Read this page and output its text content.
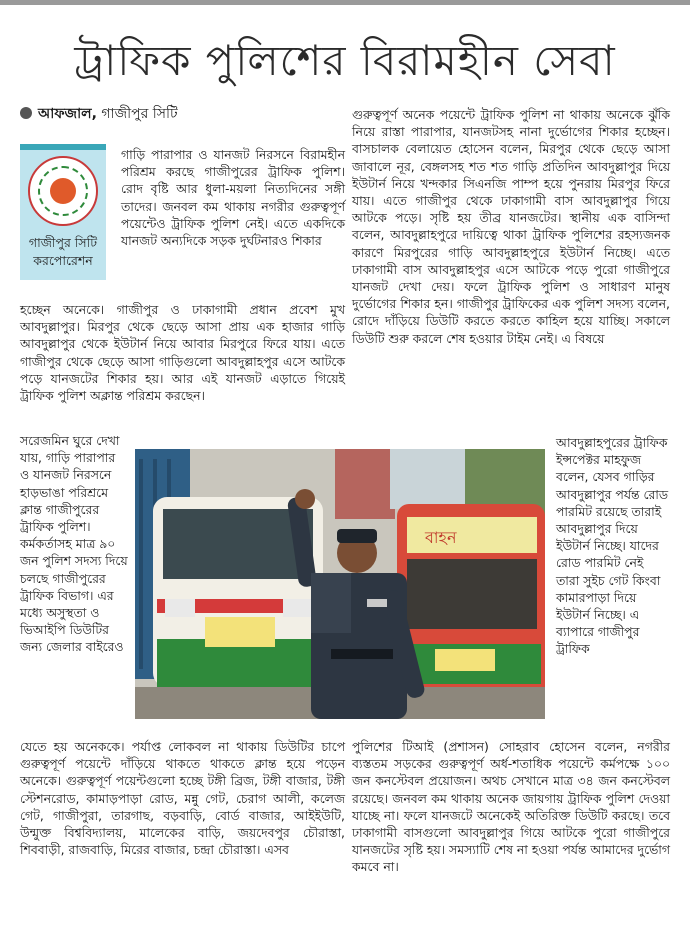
ট্রাফিক পুলিশের বিরামহীন সেবা
আফজাল, গাজীপুর সিটি
গাজীপুর সিটি করপোরেশন

গাড়ি পারাপার ও যানজট নিরসনে বিরামহীন পরিশ্রম করছে গাজীপুরের ট্রাফিক পুলিশ। রোদ বৃষ্টি আর ধুলা-ময়লা নিত্যদিনের সঙ্গী তাদের। জনবল কম থাকায় নগরীর গুরুত্বপূর্ণ পয়েন্টেও ট্রাফিক পুলিশ নেই। এতে একদিকে যানজট অন্যদিকে সড়ক দুর্ঘটনারও শিকার

হচ্ছেন অনেকে। গাজীপুর ও ঢাকাগামী প্রধান প্রবেশ মুখ আবদুল্লাপুর। মিরপুর থেকে ছেড়ে আসা প্রায় এক হাজার গাড়ি আবদুল্লাপুর থেকে ইউটার্ন নিয়ে আবার মিরপুরে ফিরে যায়। এতে গাজীপুর থেকে ছেড়ে আসা গাড়িগুলো আবদুল্লাহপুর এসে আটকে পড়ে যানজটের শিকার হয়। আর এই যানজট এড়াতে গিয়েই ট্রাফিক পুলিশ অক্লান্ত পরিশ্রম করছেন।

সরেজমিন ঘুরে দেখা যায়, গাড়ি পারাপার ও যানজট নিরসনে হাড়ভাঙা পরিশ্রমে ক্লান্ত গাজীপুরের ট্রাফিক পুলিশ। কর্মকর্তাসহ মাত্র ৯০ জন পুলিশ সদস্য দিয়ে চলছে গাজীপুরের ট্রাফিক বিভাগ। এর মধ্যে অসুস্থতা ও ভিআইপি ডিউটির জন্য জেলার বাইরেও

যেতে হয় অনেককে। পর্যাপ্ত লোকবল না থাকায় ডিউটির চাপে গুরুত্বপূর্ণ পয়েন্টে দাঁড়িয়ে থাকতে থাকতে ক্লান্ত হয়ে পড়েন অনেকে। গুরুত্বপূর্ণ পয়েন্টগুলো হচ্ছে টঙ্গী ব্রিজ, টঙ্গী বাজার, টঙ্গী স্টেশনরোড, কামাড়পাড়া রোড, মন্নু গেট, চেরাগ আলী, কলেজ গেট, গাজীপুরা, তারগাছ, বড়বাড়ি, বোর্ড বাজার, আইইউটি, উন্মুক্ত বিশ্ববিদ্যালয়, মালেকের বাড়ি, জয়দেবপুর চৌরাস্তা, শিববাড়ী, রাজবাড়ি, মিরের বাজার, চন্দ্রা চৌরাস্তা। এসব

গুরুত্বপূর্ণ অনেক পয়েন্টে ট্রাফিক পুলিশ না থাকায় অনেকে ঝুঁকি নিয়ে রাস্তা পারাপার, যানজটসহ নানা দুর্ভোগের শিকার হচ্ছেন। বাসচালক বেলায়েত হোসেন বলেন, মিরপুর থেকে ছেড়ে আসা জাবালে নূর, বেঙ্গলসহ শত শত গাড়ি প্রতিদিন আবদুল্লাপুর দিয়ে ইউটার্ন নিয়ে খন্দকার সিএনজি পাম্প হয়ে পুনরায় মিরপুর ফিরে যায়। এতে গাজীপুর থেকে ঢাকাগামী বাস আবদুল্লাপুর গিয়ে আটকে পড়ে। সৃষ্টি হয় তীব্র যানজটের। স্থানীয় এক বাসিন্দা বলেন, আবদুল্লাহপুরে দায়িত্বে থাকা ট্রাফিক পুলিশের রহস্যজনক কারণে মিরপুরের গাড়ি আবদুল্লাহপুরে ইউটার্ন নিচ্ছে। এতে ঢাকাগামী বাস আবদুল্লাহপুর এসে আটকে পড়ে পুরো গাজীপুরে যানজট দেখা দেয়। ফলে ট্রাফিক পুলিশ ও সাধারণ মানুষ দুর্ভোগের শিকার হন। গাজীপুর ট্রাফিকের এক পুলিশ সদস্য বলেন, রোদে দাঁড়িয়ে ডিউটি করতে করতে কাহিল হয়ে যাচ্ছি। সকালে ডিউটি শুরু করলে শেষ হওয়ার টাইম নেই। এ বিষয়ে

আবদুল্লাহপুরের ট্রাফিক ইন্সপেক্টর মাহফুজ বলেন, যেসব গাড়ির আবদুল্লাপুর পর্যন্ত রোড পারমিট রয়েছে তারাই আবদুল্লাপুর দিয়ে ইউটার্ন নিচ্ছে। যাদের রোড পারমিট নেই তারা সুইচ গেট কিংবা কামারপাড়া দিয়ে ইউটার্ন নিচ্ছে। এ ব্যাপারে গাজীপুর ট্রাফিক

পুলিশের টিআই (প্রশাসন) সোহরাব হোসেন বলেন, নগরীর ব্যস্ততম সড়কের গুরুত্বপূর্ণ অর্ধ-শতাধিক পয়েন্টে কর্মপক্ষে ১০০ জন কনস্টেবল প্রয়োজন। অথচ সেখানে মাত্র ৩৪ জন কনস্টেবল রয়েছে। জনবল কম থাকায় অনেক জায়গায় ট্রাফিক পুলিশ দেওয়া যাচ্ছে না। ফলে যানজটে অনেকেই অতিরিক্ত ডিউটি করছে। তবে ঢাকাগামী বাসগুলো আবদুল্লাপুর গিয়ে আটকে পুরো গাজীপুরে যানজটের সৃষ্টি হয়। সমস্যাটি শেষ না হওয়া পর্যন্ত আমাদের দুর্ভোগ কমবে না।

বাহন
